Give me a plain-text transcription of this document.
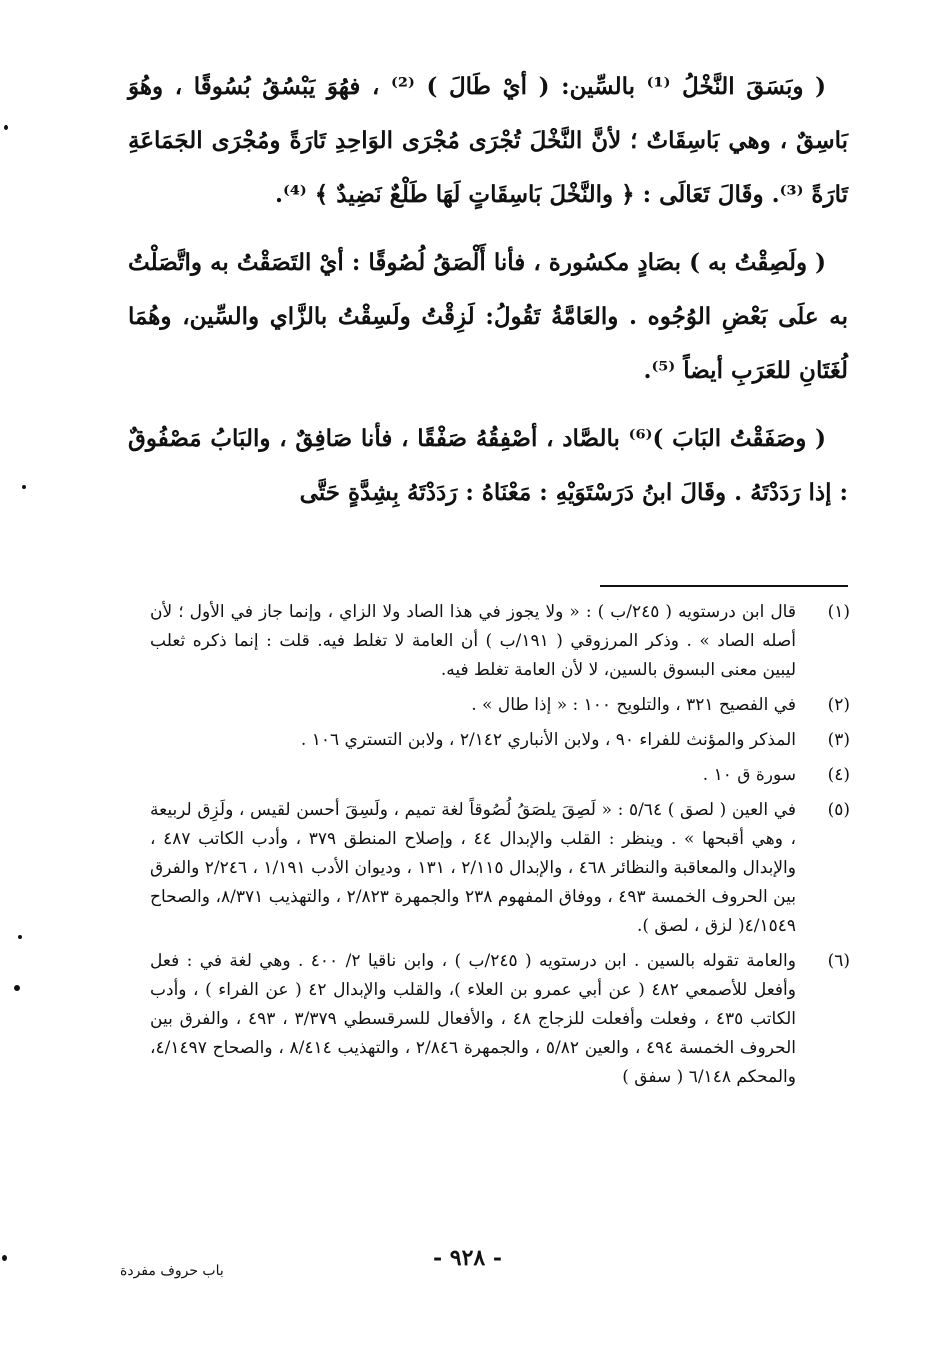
( وبَسَقَ النَّخْلُ ⁽¹⁾ بالسِّين: ( أيْ طَالَ ) ⁽²⁾ ، فهُوَ يَبْسُقُ بُسُوقًا ، وهُوَ بَاسِقٌ ، وهي بَاسِقَاتٌ ؛ لأنَّ النَّخْلَ تُجْرَى مُجْرَى الوَاحِدِ تَارَةً ومُجْرَى الجَمَاعَةِ تَارَةً ⁽³⁾. وقَالَ تَعَالَى : ﴿ والنَّخْلَ بَاسِقَاتٍ لَهَا طَلْعٌ نَضِيدٌ ﴾ ⁽⁴⁾.

( ولَصِقْتُ به ) بصَادٍ مكسُورة ، فأنا أَلْصَقُ لُصُوقًا : أيْ التَصَقْتُ به واتَّصَلْتُ به علَى بَعْضِ الوُجُوه . والعَامَّةُ تَقُولُ: لَزِقْتُ ولَسِقْتُ بالزَّاي والسِّين، وهُمَا لُغَتَانِ للعَرَبِ أيضاً ⁽⁵⁾.

( وصَفَقْتُ البَابَ )⁽⁶⁾ بالصَّاد ، أصْفِقُهُ صَفْقًا ، فأنا صَافِقٌ ، والبَابُ مَصْفُوقٌ : إذا رَدَدْتَهُ . وقَالَ ابنُ دَرَسْتَوَيْهِ : مَعْنَاهُ : رَدَدْتَهُ بِشِدَّةٍ حَتَّى

(١)
قال ابن درستويه ( ٢٤٥/ب ) : « ولا يجوز في هذا الصاد ولا الزاي ، وإنما جاز في الأول ؛ لأن أصله الصاد » . وذكر المرزوقي ( ١٩١/ب ) أن العامة لا تغلط فيه. قلت : إنما ذكره ثعلب ليبين معنى البسوق بالسين، لا لأن العامة تغلط فيه.
(٢)
في الفصيح ٣٢١ ، والتلويح ١٠٠ : « إذا طال » .
(٣)
المذكر والمؤنث للفراء ٩٠ ، ولابن الأنباري ٢/١٤٢ ، ولابن التستري ١٠٦ .
(٤)
سورة ق ١٠ .
(٥)
في العين ( لصق ) ٥/٦٤ : « لَصِقَ يلصَقُ لُصُوقاً لغة تميم ، ولَسِقَ أحسن لقيس ، ولَزِق لربيعة ، وهي أقبحها » . وينظر : القلب والإبدال ٤٤ ، وإصلاح المنطق ٣٧٩ ، وأدب الكاتب ٤٨٧ ، والإبدال والمعاقبة والنظائر ٤٦٨ ، والإبدال ٢/١١٥ ، ١٣١ ، وديوان الأدب ١/١٩١ ، ٢/٢٤٦ والفرق بين الحروف الخمسة ٤٩٣ ، ووفاق المفهوم ٢٣٨ والجمهرة ٢/٨٢٣ ، والتهذيب ٨/٣٧١، والصحاح ٤/١٥٤٩( لزق ، لصق ).
(٦)
والعامة تقوله بالسين . ابن درستويه ( ٢٤٥/ب ) ، وابن ناقيا ٢/ ٤٠٠ . وهي لغة في : فعل وأفعل للأصمعي ٤٨٢ ( عن أبي عمرو بن العلاء )، والقلب والإبدال ٤٢ ( عن الفراء ) ، وأدب الكاتب ٤٣٥ ، وفعلت وأفعلت للزجاج ٤٨ ، والأفعال للسرقسطي ٣/٣٧٩ ، ٤٩٣ ، والفرق بين الحروف الخمسة ٤٩٤ ، والعين ٥/٨٢ ، والجمهرة ٢/٨٤٦ ، والتهذيب ٨/٤١٤ ، والصحاح ٤/١٤٩٧، والمحكم ٦/١٤٨ ( سفق )
- ٩٢٨ -
باب حروف مفردة
